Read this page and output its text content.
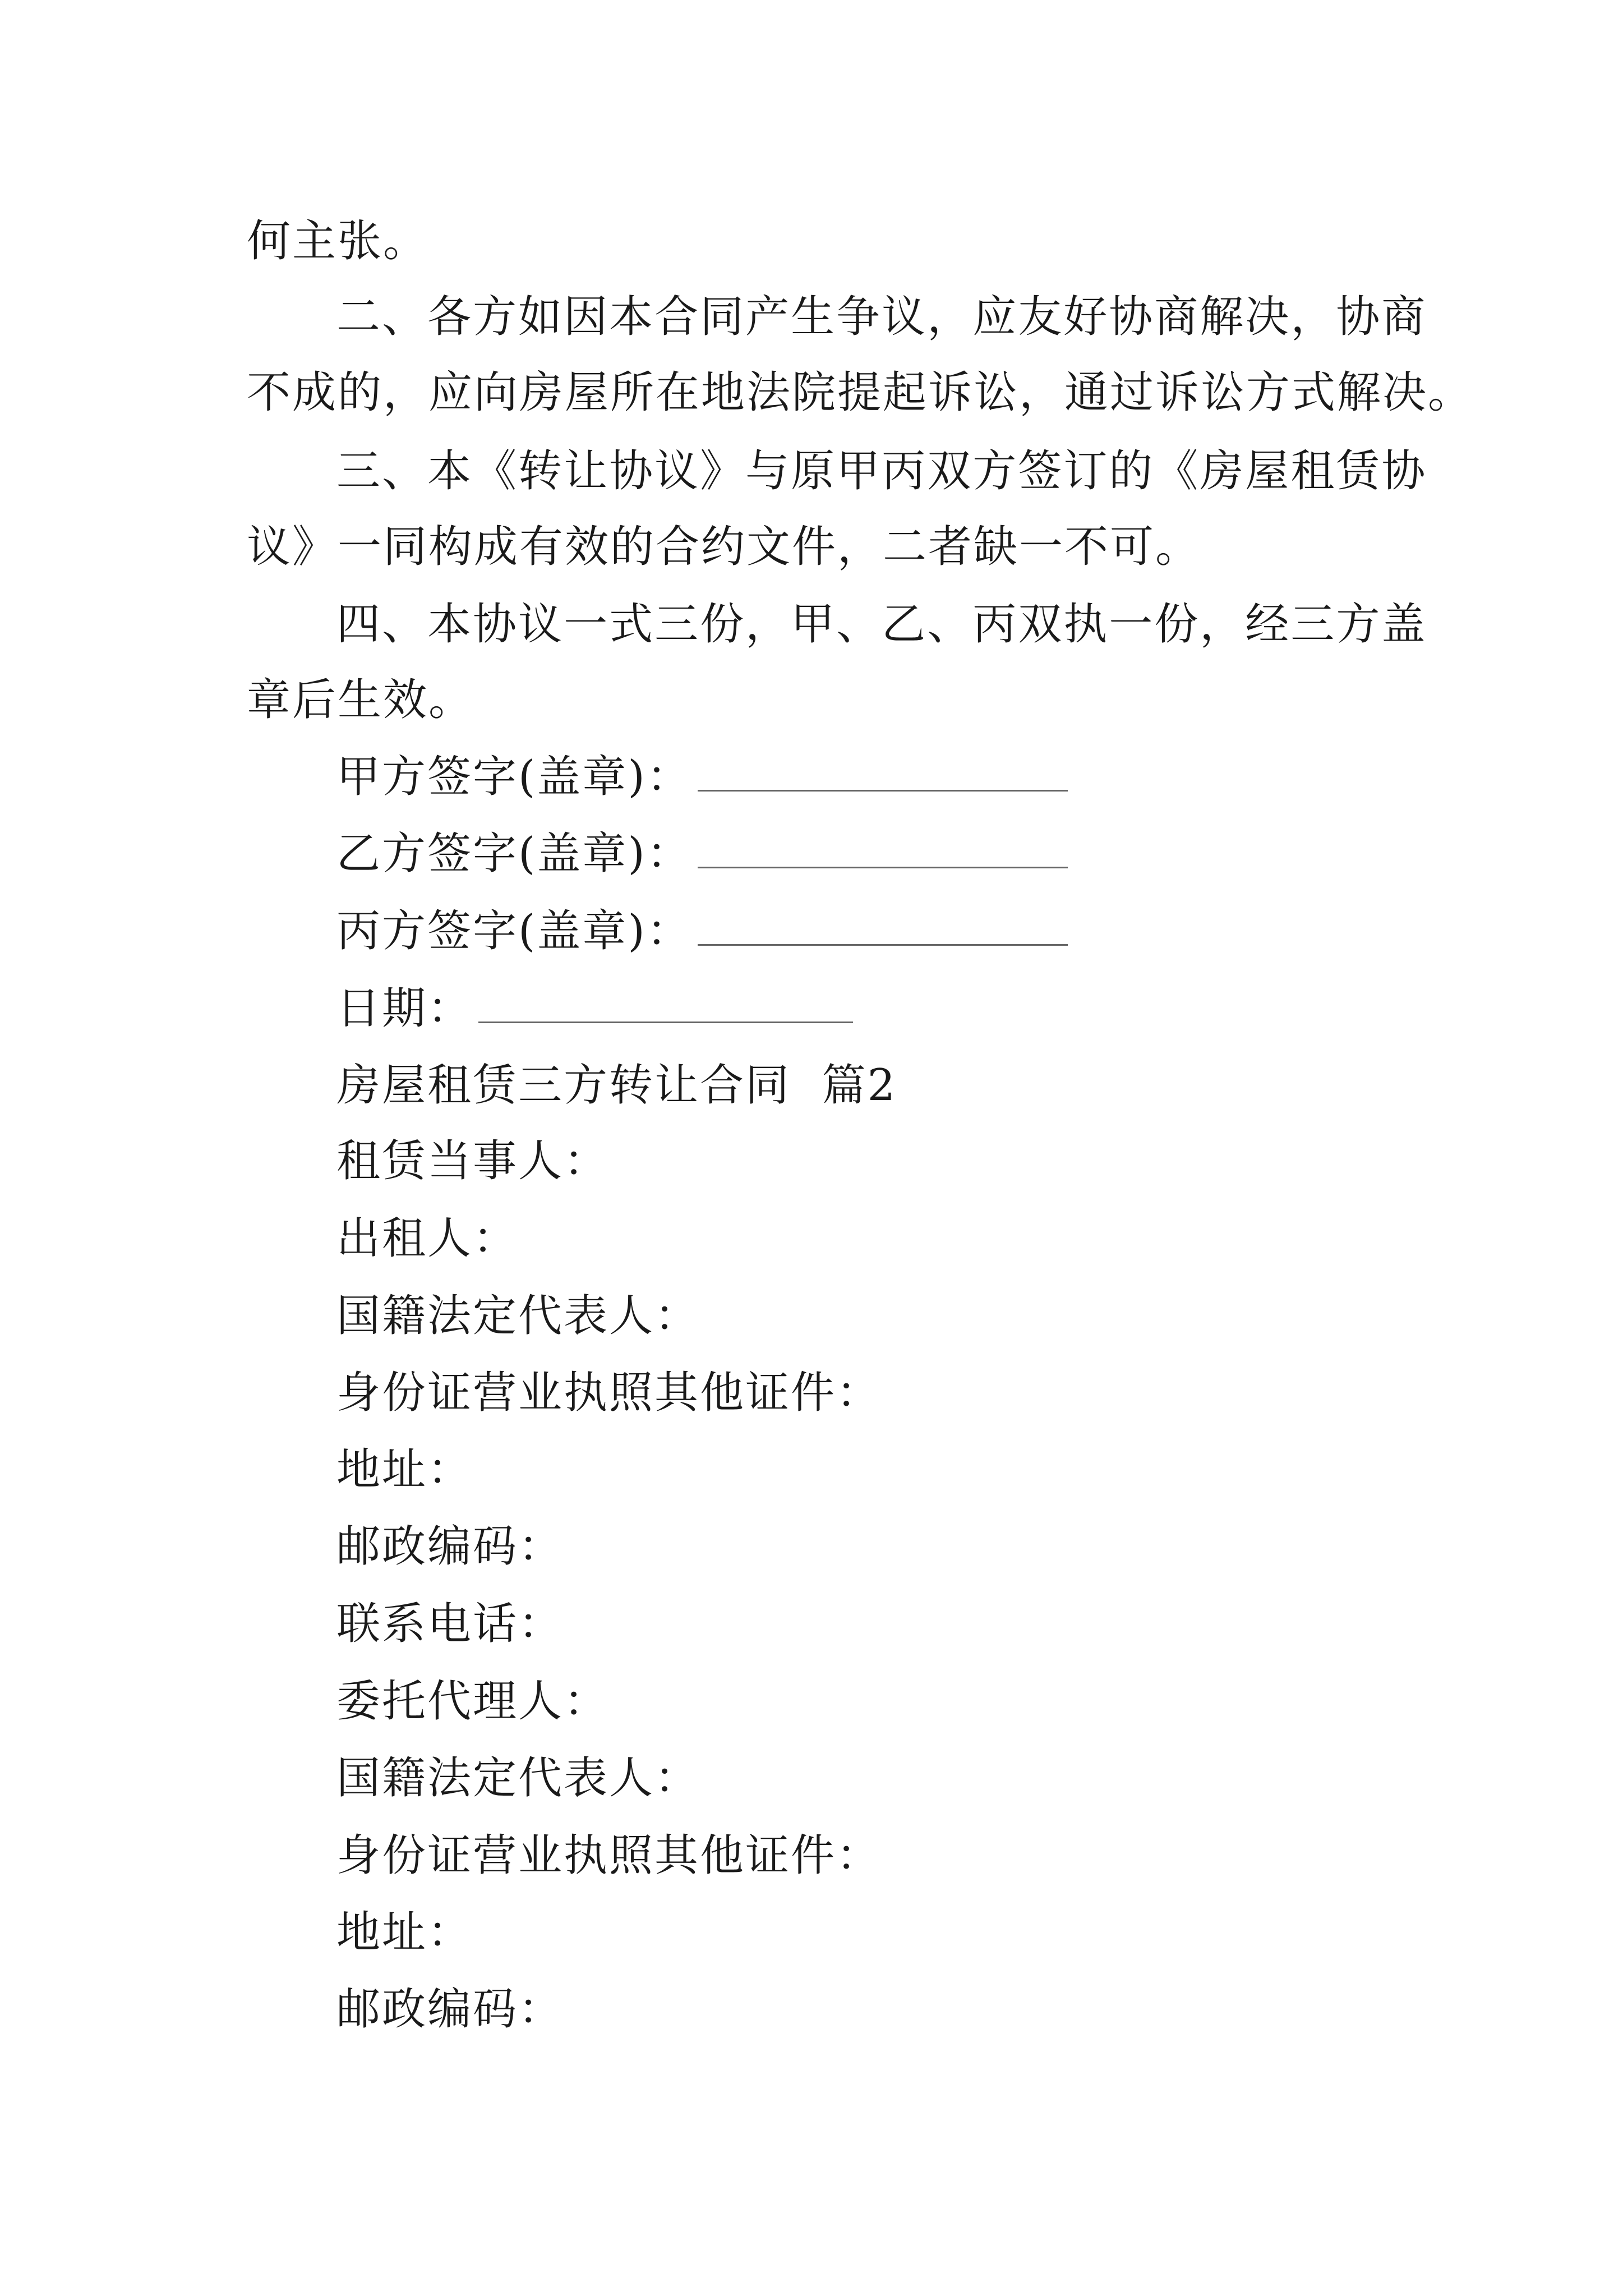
何主张。
二、 各 方 如 因 本 合 同 产 生 争 议 ， 应 友 好 协 商 解 决 ， 协 商
不成的，应向房屋所在地法院提起诉讼，通过诉讼方式解决。
三、 本 《 转 让 协 议 》 与 原 甲 丙 双 方 签 订 的 《 房 屋 租 赁 协
议》一同构成有效的合约文件，二者缺一不可。
四、 本 协 议 一 式 三 份 ， 甲 、 乙 、 丙 双 执 一 份 ， 经 三 方 盖
章后生效。
甲方签字(盖章)：
乙方签字(盖章)：
丙方签字(盖章)：
日期：
房屋租赁三方转让合同  篇2
租赁当事人：
出租人：
国籍法定代表人：
身份证营业执照其他证件：
地址：
邮政编码：
联系电话：
委托代理人：
国籍法定代表人：
身份证营业执照其他证件：
地址：
邮政编码：
